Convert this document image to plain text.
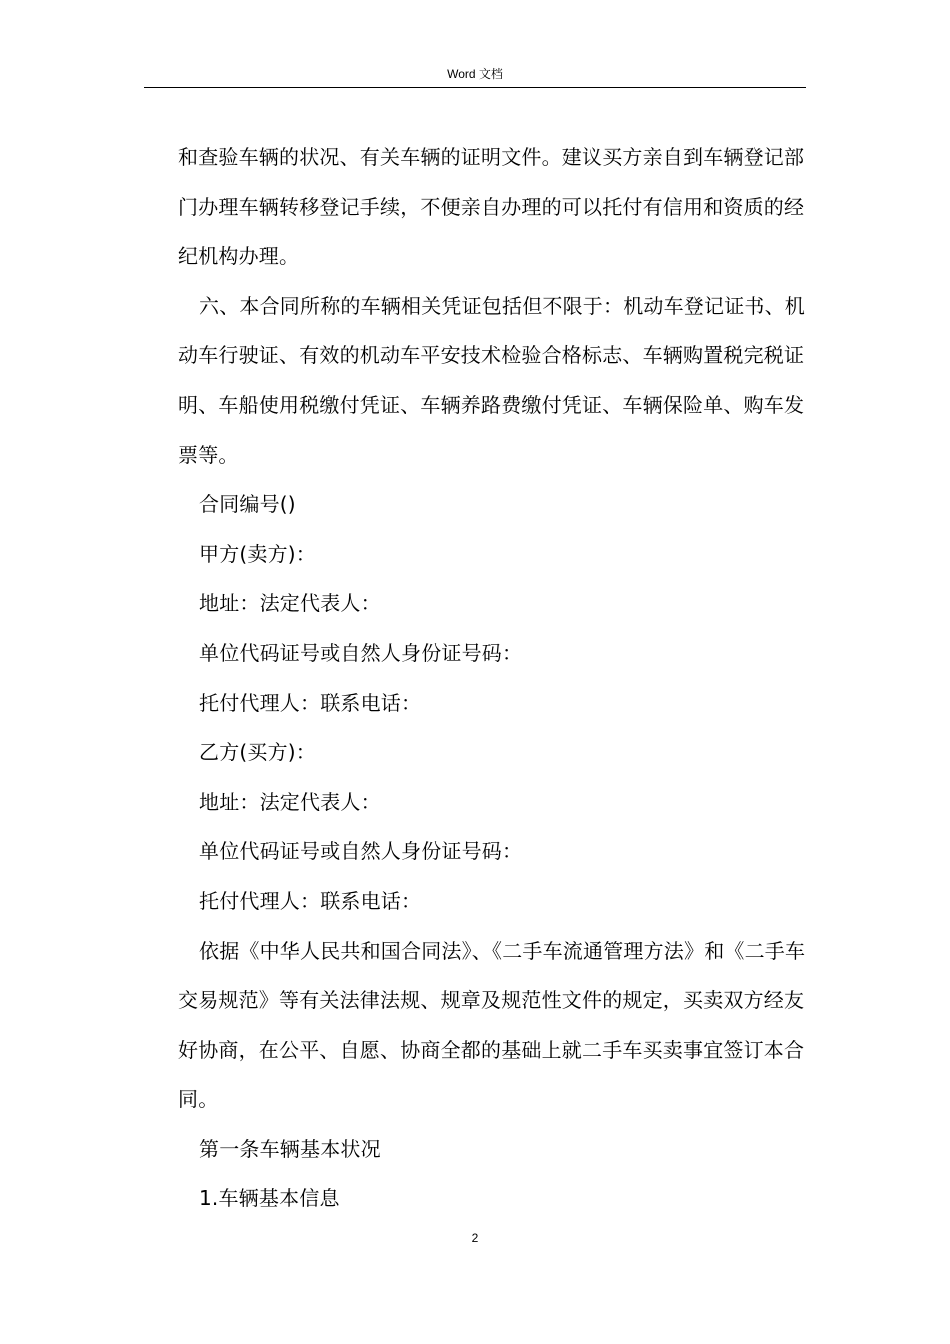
Word 文档

和查验车辆的状况、有关车辆的证明文件。建议买方亲自到车辆登记部门办理车辆转移登记手续，不便亲自办理的可以托付有信用和资质的经纪机构办理。

六、本合同所称的车辆相关凭证包括但不限于：机动车登记证书、机动车行驶证、有效的机动车平安技术检验合格标志、车辆购置税完税证明、车船使用税缴付凭证、车辆养路费缴付凭证、车辆保险单、购车发票等。

合同编号()

甲方(卖方)：

地址：法定代表人：

单位代码证号或自然人身份证号码：

托付代理人：联系电话：

乙方(买方)：

地址：法定代表人：

单位代码证号或自然人身份证号码：

托付代理人：联系电话：

依据《中华人民共和国合同法》、《二手车流通管理方法》和《二手车交易规范》等有关法律法规、规章及规范性文件的规定，买卖双方经友好协商，在公平、自愿、协商全都的基础上就二手车买卖事宜签订本合同。

第一条车辆基本状况

1.车辆基本信息

2
